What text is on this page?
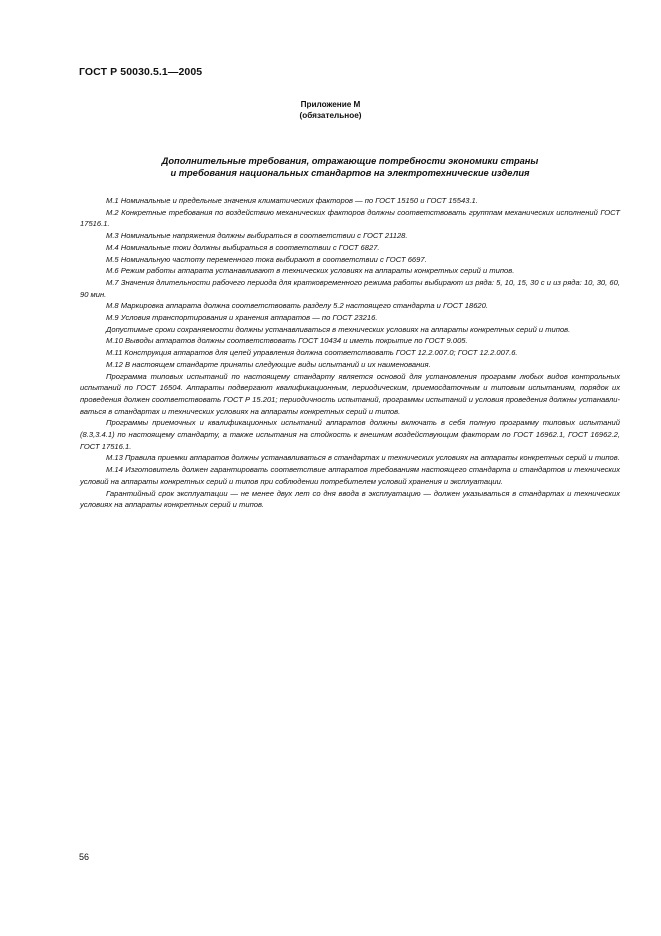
ГОСТ Р 50030.5.1—2005
Приложение М
(обязательное)
Дополнительные требования, отражающие потребности экономики страны
и требования национальных стандартов на электротехнические изделия

М.1 Номинальные и предельные значения климатических факторов — по ГОСТ 15150 и ГОСТ 15543.1.

М.2 Конкретные требования по воздействию механических факторов должны соответствовать групппам механических исполнений ГОСТ 17516.1.

М.3 Номинальные напряжения должны выбираться в соответствии с ГОСТ 21128.

М.4 Номинальные токи должны выбираться в соответствии с ГОСТ 6827.

М.5 Номинальную частоту переменного тока выбирают в соответствии с ГОСТ 6697.

М.6 Режим работы аппарата устанавливают в технических условиях на аппараты конкретных серий и типов.

М.7 Значения длительности рабочего периода для кратковременного режима работы выбирают из ряда: 5, 10, 15, 30 с и из ряда: 10, 30, 60, 90 мин.

М.8 Маркировка аппарата должна соответствовать разделу 5.2 настоящего стандарта и ГОСТ 18620.

М.9 Условия транспортирования и хранения аппаратов — по ГОСТ 23216.

Допустимые сроки сохраняемости должны устанавливаться в технических условиях на аппараты конкретных серий и типов.

М.10 Выводы аппаратов должны соответствовать ГОСТ 10434 и иметь покрытие по ГОСТ 9.005.

М.11 Конструкция аппаратов для цепей управления должна соответствовать ГОСТ 12.2.007.0; ГОСТ 12.2.007.6.

М.12 В настоящем стандарте приняты следующие виды испытаний и их наименования.

Программа типовых испытаний по настоящему стандарту является основой для установления программ любых видов контрольных испытаний по ГОСТ 16504. Аппараты подвергают квалификационным, периодическим, приемосдаточным и типовым испытаниям, порядок их проведения должен соответствовать ГОСТ Р 15.201; периодичность испытаний, программы испытаний и условия проведения должны устанавливаться в стандартах и технических условиях на аппараты конкретных серий и типов.

Программы приемочных и квалификационных испытаний аппаратов должны включать в себя полную программу типовых испытаний (8.3,3.4.1) по настоящему стандарту, а также испытания на стойкость к внешним воздействующим факторам по ГОСТ 16962.1, ГОСТ 16962.2, ГОСТ 17516.1.

М.13 Правила приемки аппаратов должны устанавливаться в стандартах и технических условиях на аппараты конкретных серий и типов.

М.14 Изготовитель должен гарантировать соответствие аппаратов требованиям настоящего стандарта и стандартов и технических условий на аппараты конкретных серий и типов при соблюдении потребителем условий хранения и эксплуатации.

Гарантийный срок эксплуатации — не менее двух лет со дня ввода в эксплуатацию — должен указываться в стандартах и технических условиях на аппараты конкретных серий и типов.

56
